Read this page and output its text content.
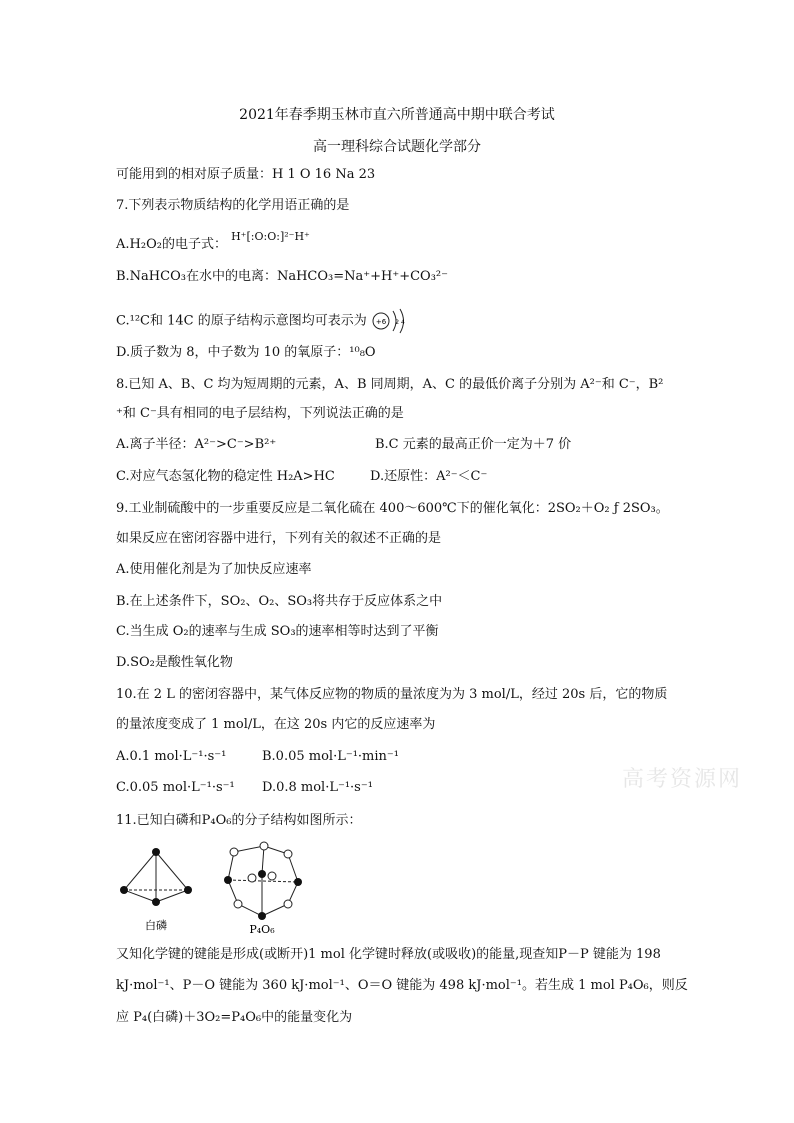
2021年春季期玉林市直六所普通高中期中联合考试
高一理科综合试题化学部分
可能用到的相对原子质量：H 1 O 16 Na 23
7.下列表示物质结构的化学用语正确的是
A.H₂O₂的电子式： $^{H^+[:O:O:]^{2-}H^+}$
B.NaHCO₃在水中的电离：NaHCO₃=Na⁺+H⁺+CO₃²⁻
C.¹²C和 14C 的原子结构示意图均可表示为 +6 2 4
D.质子数为 8，中子数为 10 的氧原子：¹⁰₈O
8.已知 A、B、C 均为短周期的元素，A、B 同周期，A、C 的最低价离子分别为 A²⁻和 C⁻，B²
⁺和 C⁻具有相同的电子层结构，下列说法正确的是
A.离子半径：A²⁻>C⁻>B²⁺	B.C 元素的最高正价一定为＋7 价
C.对应气态氢化物的稳定性 H₂A>HC	D.还原性：A²⁻＜C⁻
9.工业制硫酸中的一步重要反应是二氧化硫在 400～600℃下的催化氧化：2SO₂＋O₂ ƒ 2SO₃。
如果反应在密闭容器中进行，下列有关的叙述不正确的是
A.使用催化剂是为了加快反应速率
B.在上述条件下，SO₂、O₂、SO₃将共存于反应体系之中
C.当生成 O₂的速率与生成 SO₃的速率相等时达到了平衡
D.SO₂是酸性氧化物
10.在 2 L 的密闭容器中，某气体反应物的物质的量浓度为为 3 mol/L，经过 20s 后，它的物质
的量浓度变成了 1 mol/L，在这 20s 内它的反应速率为
A.0.1 mol·L⁻¹·s⁻¹	B.0.05 mol·L⁻¹·min⁻¹
C.0.05 mol·L⁻¹·s⁻¹ D.0.8 mol·L⁻¹·s⁻¹	高考资源网
11.已知白磷和P₄O₆的分子结构如图所示：
白磷	P₄O₆
又知化学键的键能是形成(或断开)1 mol 化学键时释放(或吸收)的能量,现查知P－P 键能为 198
kJ·mol⁻¹、P－O 键能为 360 kJ·mol⁻¹、O＝O 键能为 498 kJ·mol⁻¹。若生成 1 mol P₄O₆，则反
应 P₄(白磷)＋3O₂=P₄O₆中的能量变化为
